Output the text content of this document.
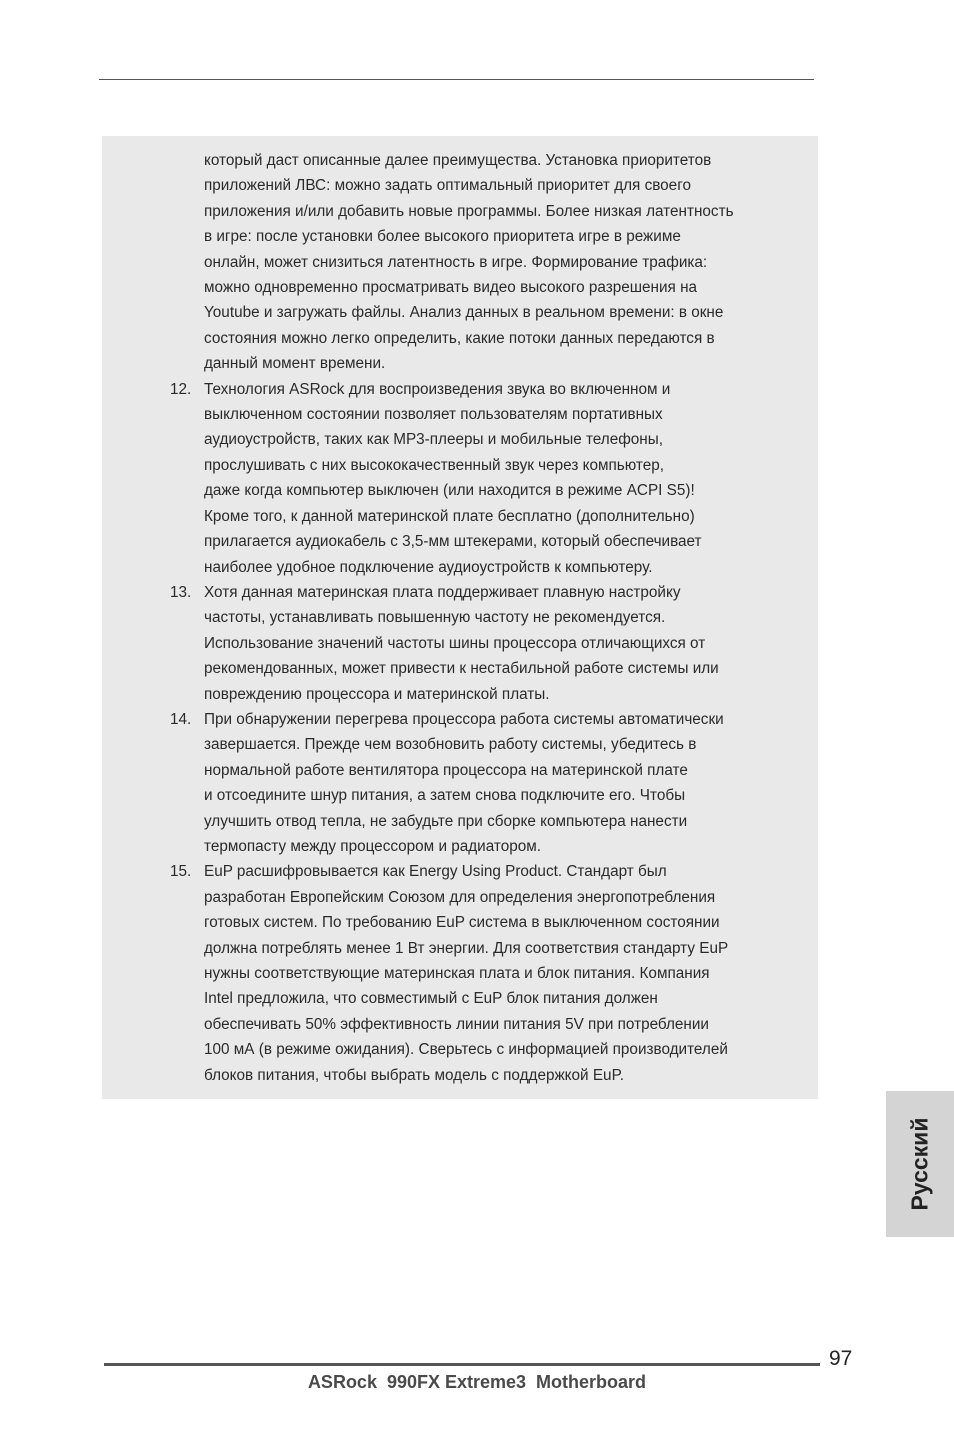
который даст описанные далее преимущества. Установка приоритетов
приложений ЛВС: можно задать оптимальный приоритет для своего
приложения и/или добавить новые программы. Более низкая латентность
в игре: после установки более высокого приоритета игре в режиме
онлайн, может снизиться латентность в игре. Формирование трафика:
можно одновременно просматривать видео высокого разрешения на
Youtube и загружать файлы. Анализ данных в реальном времени: в окне
состояния можно легко определить, какие потоки данных передаются в
данный момент времени.
12. Технология ASRock для воспроизведения звука во включенном и
выключенном состоянии позволяет пользователям портативных
аудиоустройств, таких как MP3-плееры и мобильные телефоны,
прослушивать с них высококачественный звук через компьютер,
даже когда компьютер выключен (или находится в режиме ACPI S5)!
Кроме того, к данной материнской плате бесплатно (дополнительно)
прилагается аудиокабель с 3,5-мм штекерами, который обеспечивает
наиболее удобное подключение аудиоустройств к компьютеру.
13. Хотя данная материнская плата поддерживает плавную настройку
частоты, устанавливать повышенную частоту не рекомендуется.
Использование значений частоты шины процессора отличающихся от
рекомендованных, может привести к нестабильной работе системы или
повреждению процессора и материнской платы.
14. При обнаружении перегрева процессора работа системы автоматически
завершается. Прежде чем возобновить работу системы, убедитесь в
нормальной работе вентилятора процессора на материнской плате
и отсоедините шнур питания, а затем снова подключите его. Чтобы
улучшить отвод тепла, не забудьте при сборке компьютера нанести
термопасту между процессором и радиатором.
15. EuP расшифровывается как Energy Using Product. Стандарт был
разработан Европейским Союзом для определения энергопотребления
готовых систем. По требованию EuP система в выключенном состоянии
должна потреблять менее 1 Вт энергии. Для соответствия стандарту EuP
нужны соответствующие материнская плата и блок питания. Компания
Intel предложила, что совместимый с EuP блок питания должен
обеспечивать 50% эффективность линии питания 5V при потреблении
100 мА (в режиме ожидания). Сверьтесь с информацией производителей
блоков питания, чтобы выбрать модель с поддержкой EuP.
Русский
97
ASRock  990FX Extreme3  Motherboard
